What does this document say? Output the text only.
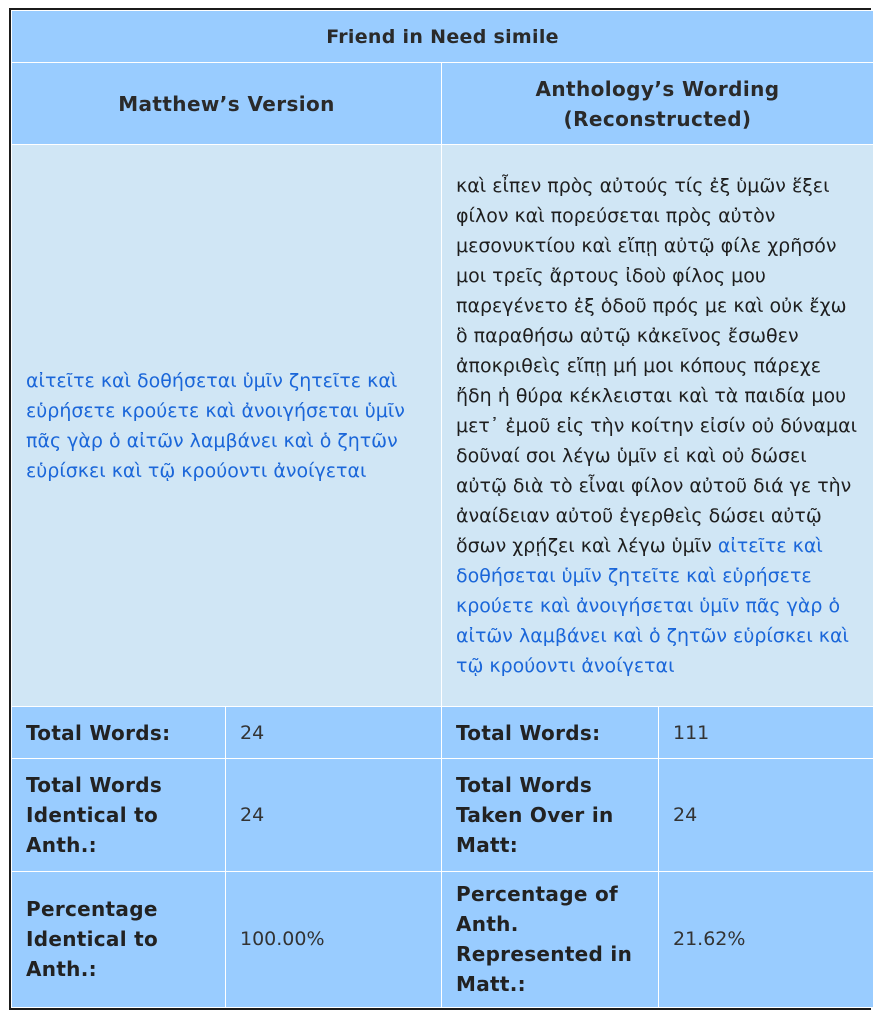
Friend in Need simile			
Matthew’s Version		Anthology’s Wording (Reconstructed)	
αἰτεῖτε καὶ δοθήσεται ὑμῖν ζητεῖτε καὶ εὑρήσετε κρούετε καὶ ἀνοιγήσεται ὑμῖν πᾶς γὰρ ὁ αἰτῶν λαμβάνει καὶ ὁ ζητῶν εὑρίσκει καὶ τῷ κρούοντι ἀνοίγεται		καὶ εἶπεν πρὸς αὐτούς τίς ἐξ ὑμῶν ἕξει φίλον καὶ πορεύσεται πρὸς αὐτὸν μεσονυκτίου καὶ εἴπῃ αὐτῷ φίλε χρῆσόν μοι τρεῖς ἄρτους ἰδοὺ φίλος μου παρεγένετο ἐξ ὁδοῦ πρός με καὶ οὐκ ἔχω ὃ παραθήσω αὐτῷ κἀκεῖνος ἔσωθεν ἀποκριθεὶς εἴπῃ μή μοι κόπους πάρεχε ἤδη ἡ θύρα κέκλεισται καὶ τὰ παιδία μου μετ᾽ ἐμοῦ εἰς τὴν κοίτην εἰσίν οὐ δύναμαι δοῦναί σοι λέγω ὑμῖν εἰ καὶ οὐ δώσει αὐτῷ διὰ τὸ εἶναι φίλον αὐτοῦ διά γε τὴν ἀναίδειαν αὐτοῦ ἐγερθεὶς δώσει αὐτῷ ὅσων χρῄζει καὶ λέγω ὑμῖν αἰτεῖτε καὶ δοθήσεται ὑμῖν ζητεῖτε καὶ εὑρήσετε κρούετε καὶ ἀνοιγήσεται ὑμῖν πᾶς γὰρ ὁ αἰτῶν λαμβάνει καὶ ὁ ζητῶν εὑρίσκει καὶ τῷ κρούοντι ἀνοίγεται	
Total Words:	24	Total Words:	111
Total Words Identical to Anth.:	24	Total Words Taken Over in Matt:	24
Percentage Identical to Anth.:	100.00%	Percentage of Anth. Represented in Matt.:	21.62%
